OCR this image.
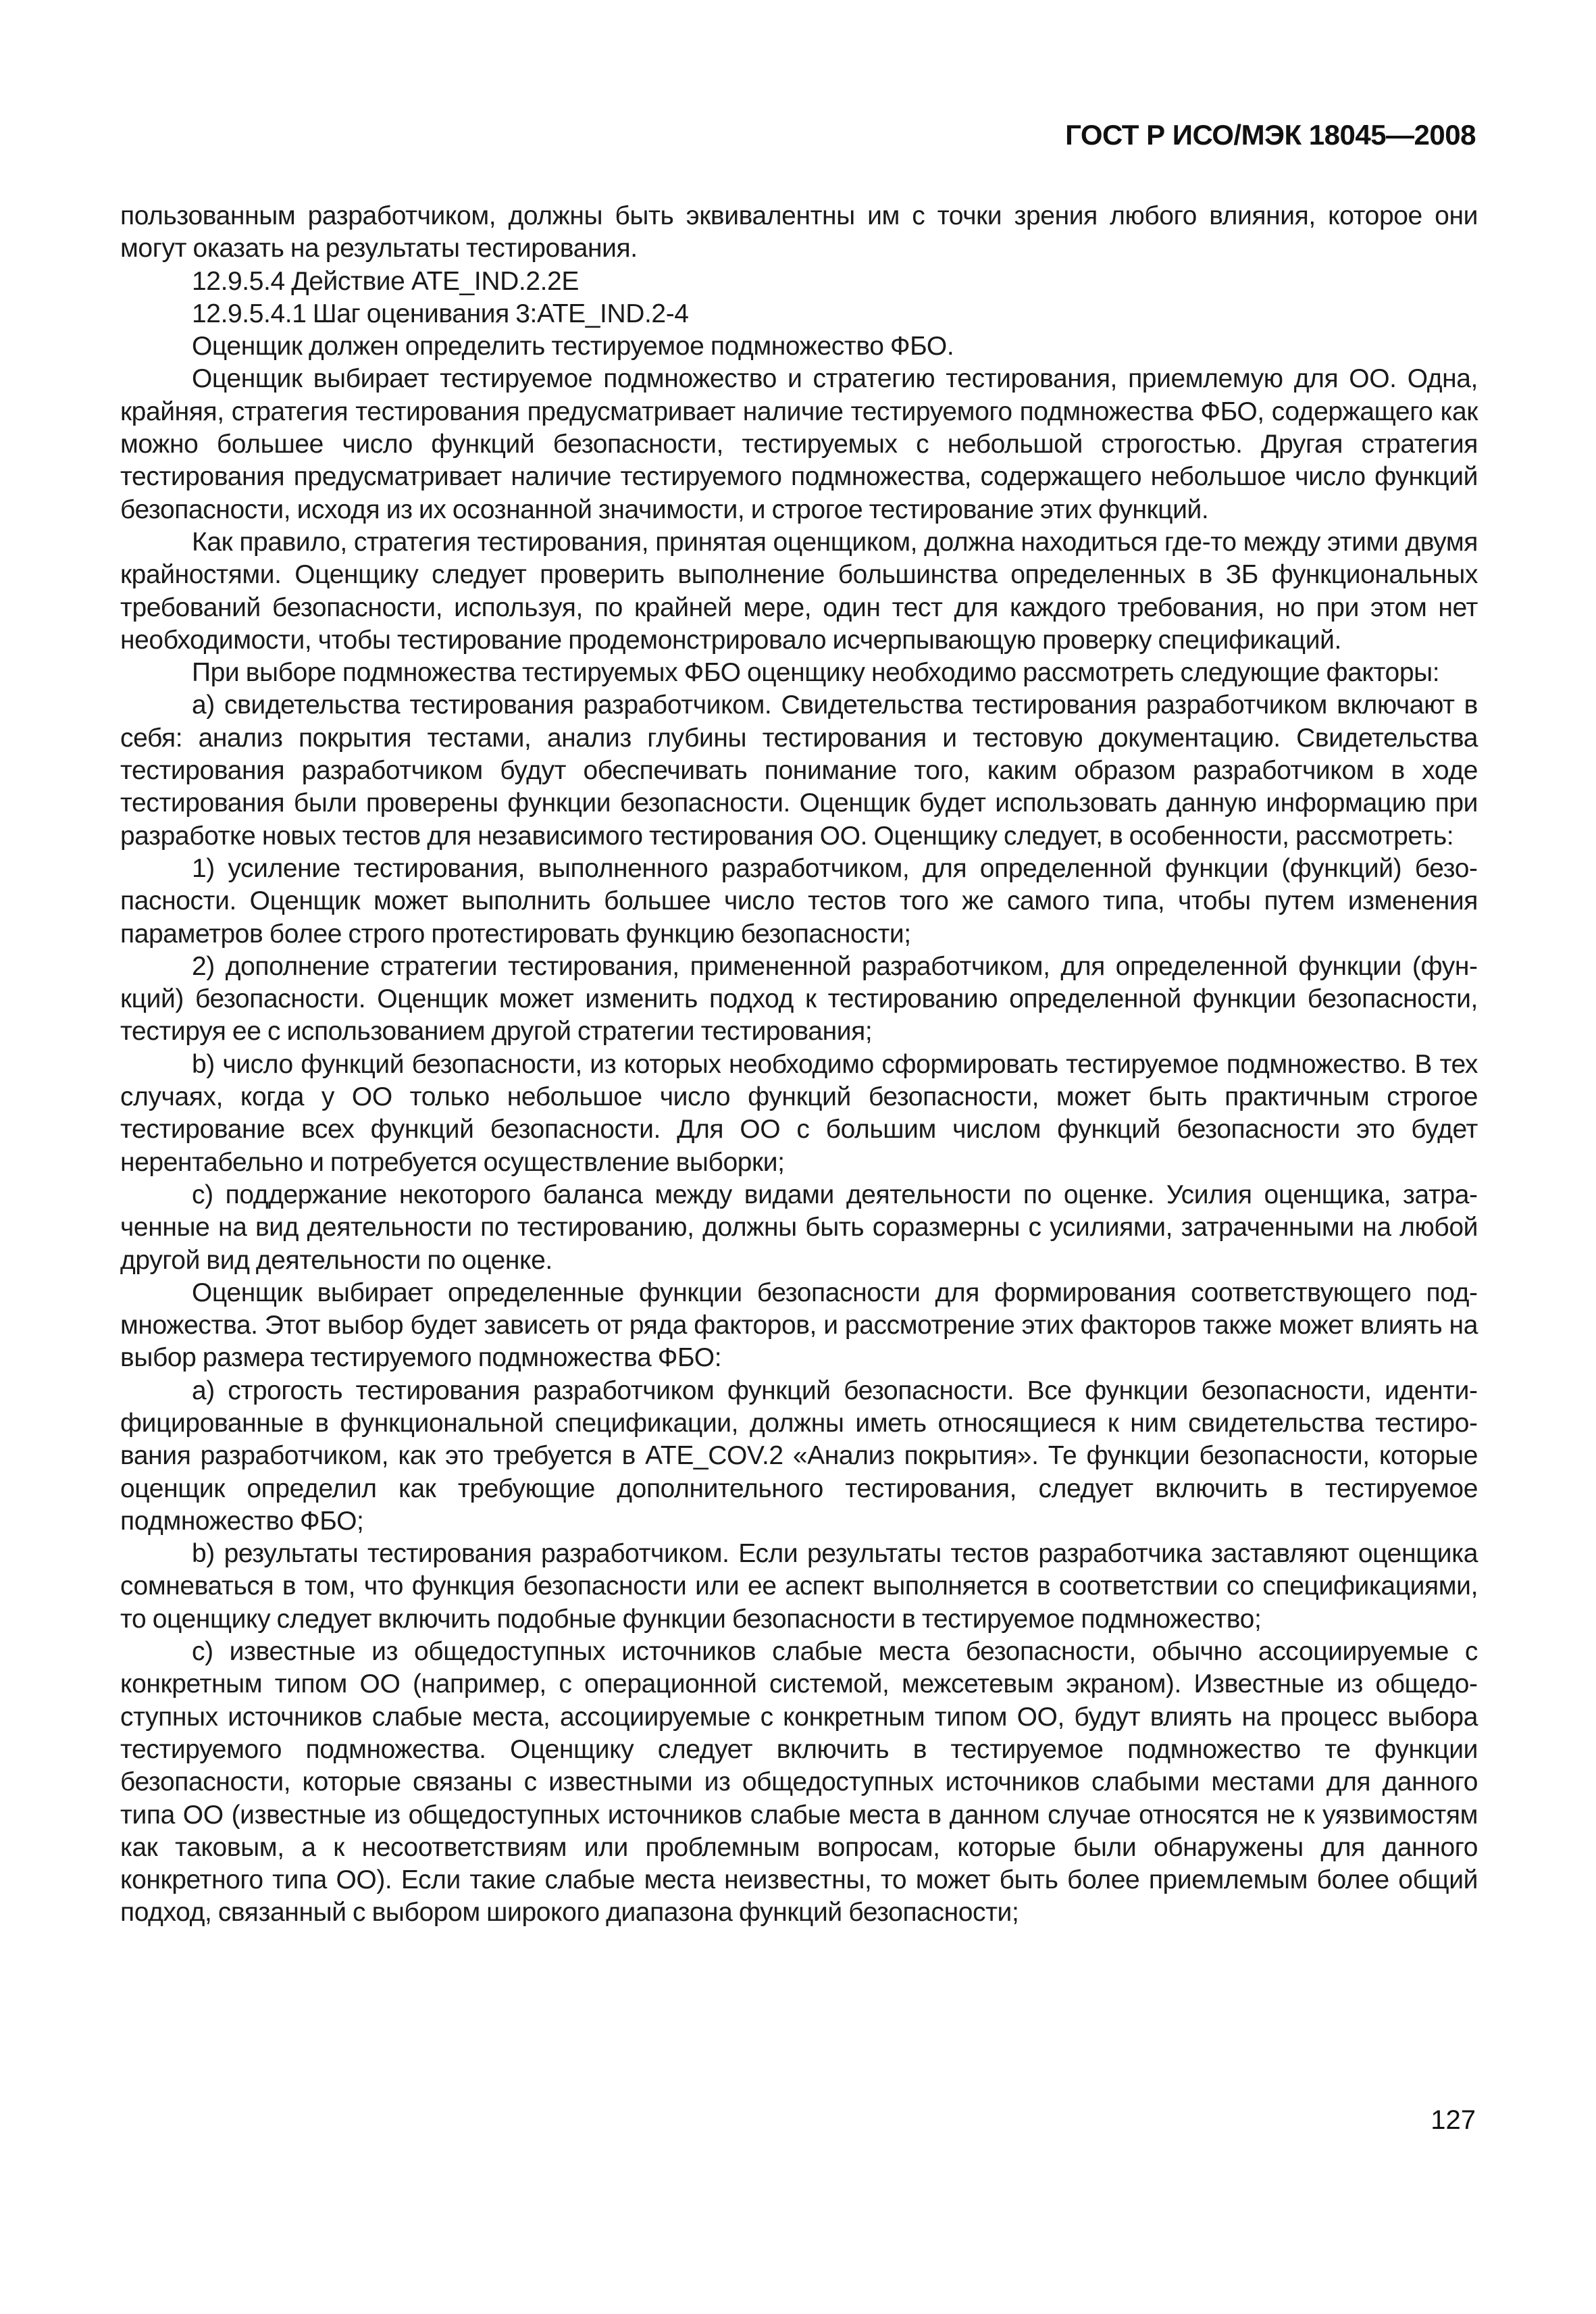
ГОСТ Р ИСО/МЭК 18045—2008

пользованным разработчиком, должны быть эквивалентны им с точки зрения любого влияния, которое они могут оказать на результаты тестирования.

12.9.5.4 Действие ATE_IND.2.2E

12.9.5.4.1 Шаг оценивания 3:ATE_IND.2-4

Оценщик должен определить тестируемое подмножество ФБО.

Оценщик выбирает тестируемое подмножество и стратегию тестирования, приемлемую для ОО. Одна, крайняя, стратегия тестирования предусматривает наличие тестируемого подмножества ФБО, содержащего как можно большее число функций безопасности, тестируемых с небольшой строгостью. Другая стратегия тестирования предусматривает наличие тестируемого подмножества, содержащего небольшое число функций безопасности, исходя из их осознанной значимости, и строгое тестирование этих функций.

Как правило, стратегия тестирования, принятая оценщиком, должна находиться где-то между этими двумя крайностями. Оценщику следует проверить выполнение большинства определенных в ЗБ функциональных требований безопасности, используя, по крайней мере, один тест для каждого требования, но при этом нет необходимости, чтобы тестирование продемонстрировало исчерпывающую проверку спецификаций.

При выборе подмножества тестируемых ФБО оценщику необходимо рассмотреть следующие факторы:

a) свидетельства тестирования разработчиком. Свидетельства тестирования разработчиком включают в себя: анализ покрытия тестами, анализ глубины тестирования и тестовую документацию. Свидетельства тестирования разработчиком будут обеспечивать понимание того, каким образом разработчиком в ходе тестирования были проверены функции безопасности. Оценщик будет использовать данную информацию при разработке новых тестов для независимого тестирования ОО. Оценщику следует, в особенности, рассмотреть:

1) усиление тестирования, выполненного разработчиком, для определенной функции (функций) безопасности. Оценщик может выполнить большее число тестов того же самого типа, чтобы путем изменения параметров более строго протестировать функцию безопасности;

2) дополнение стратегии тестирования, примененной разработчиком, для определенной функции (функций) безопасности. Оценщик может изменить подход к тестированию определенной функции безопасности, тестируя ее с использованием другой стратегии тестирования;

b) число функций безопасности, из которых необходимо сформировать тестируемое подмножество. В тех случаях, когда у ОО только небольшое число функций безопасности, может быть практичным строгое тестирование всех функций безопасности. Для ОО с большим числом функций безопасности это будет нерентабельно и потребуется осуществление выборки;

c) поддержание некоторого баланса между видами деятельности по оценке. Усилия оценщика, затраченные на вид деятельности по тестированию, должны быть соразмерны с усилиями, затраченными на любой другой вид деятельности по оценке.

Оценщик выбирает определенные функции безопасности для формирования соответствующего подмножества. Этот выбор будет зависеть от ряда факторов, и рассмотрение этих факторов также может влиять на выбор размера тестируемого подмножества ФБО:

a) строгость тестирования разработчиком функций безопасности. Все функции безопасности, идентифицированные в функциональной спецификации, должны иметь относящиеся к ним свидетельства тестирования разработчиком, как это требуется в ATE_COV.2 «Анализ покрытия». Те функции безопасности, которые оценщик определил как требующие дополнительного тестирования, следует включить в тестируемое подмножество ФБО;

b) результаты тестирования разработчиком. Если результаты тестов разработчика заставляют оценщика сомневаться в том, что функция безопасности или ее аспект выполняется в соответствии со спецификациями, то оценщику следует включить подобные функции безопасности в тестируемое подмножество;

c) известные из общедоступных источников слабые места безопасности, обычно ассоциируемые с конкретным типом ОО (например, с операционной системой, межсетевым экраном). Известные из общедоступных источников слабые места, ассоциируемые с конкретным типом ОО, будут влиять на процесс выбора тестируемого подмножества. Оценщику следует включить в тестируемое подмножество те функции безопасности, которые связаны с известными из общедоступных источников слабыми местами для данного типа ОО (известные из общедоступных источников слабые места в данном случае относятся не к уязвимостям как таковым, а к несоответствиям или проблемным вопросам, которые были обнаружены для данного конкретного типа ОО). Если такие слабые места неизвестны, то может быть более приемлемым более общий подход, связанный с выбором широкого диапазона функций безопасности;

127
